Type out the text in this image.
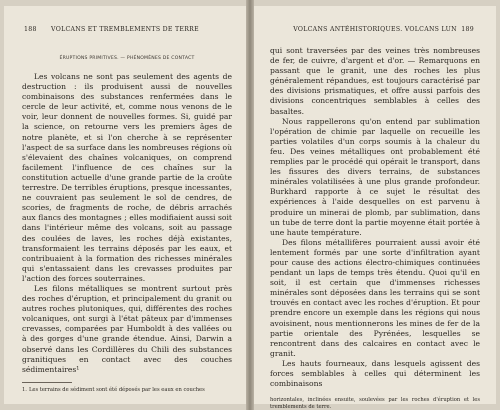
188	VOLCANS ET TREMBLEMENTS DE TERRE
ÉRUPTIONS PRIMITIVES. — PHÉNOMÈNES DE CONTACT

Les volcans ne sont pas seulement des agents de destruction : ils produisent aussi de nouvelles combinaisons des substances renfermées dans le cercle de leur activité, et, comme nous venons de le voir, leur donnent de nouvelles formes. Si, guidé par la science, on retourne vers les premiers âges de notre planète, et si l'on cherche à se représenter l'aspect de sa surface dans les nombreuses régions où s'élevaient des chaînes volcaniques, on comprend facilement l'influence de ces chaînes sur la constitution actuelle d'une grande partie de la croûte terrestre. De terribles éruptions, presque incessantes, ne couvraient pas seulement le sol de cendres, de scories, de fragments de roche, de débris arrachés aux flancs des montagnes ; elles modifiaient aussi soit dans l'intérieur même des volcans, soit au passage des coulées de laves, les roches déjà existantes, transformaient les terrains déposés par les eaux, et contribuaient à la formation des richesses minérales qui s'entassaient dans les crevasses produites par l'action des forces souterraines.

Les filons métalliques se montrent surtout près des roches d'éruption, et principalement du granit ou autres roches plutoniques, qui, différentes des roches volcaniques, ont surgi à l'état pâteux par d'immenses crevasses, comparées par Humboldt à des vallées ou à des gorges d'une grande étendue. Ainsi, Darwin a observé dans les Cordillères du Chili des substances granitiques en contact avec des couches sédimentaires¹

1. Les terrains de sédiment sont été déposés par les eaux en couches
VOLCANS ANTÉHISTORIQUES. VOLCANS LUN 189

qui sont traversées par des veines très nombreuses de fer, de cuivre, d'argent et d'or. — Remarquons en passant que le granit, une des roches les plus généralement répandues, est toujours caractérisé par des divisions prismatiques, et offre aussi parfois des divisions concentriques semblables à celles des basaltes.

Nous rappellerons qu'on entend par sublimation l'opération de chimie par laquelle on recueille les parties volatiles d'un corps soumis à la chaleur du feu. Des veines métalliques ont probablement été remplies par le procédé qui opérait le transport, dans les fissures des divers terrains, de substances minérales volatilisées à une plus grande profondeur. Burkhard rapporte à ce sujet le résultat des expériences à l'aide desquelles on est parvenu à produire un minerai de plomb, par sublimation, dans un tube de terre dont la partie moyenne était portée à une haute température.

Des filons métallifères pourraient aussi avoir été lentement formés par une sorte d'infiltration ayant pour cause des actions électro-chimiques continuées pendant un laps de temps très étendu. Quoi qu'il en soit, il est certain que d'immenses richesses minérales sont déposées dans les terrains qui se sont trouvés en contact avec les roches d'éruption. Et pour prendre encore un exemple dans les régions qui nous avoisinent, nous mentionnerons les mines de fer de la partie orientale des Pyrénées, lesquelles se rencontrent dans des calcaires en contact avec le granit.

Les hauts fourneaux, dans lesquels agissent des forces semblables à celles qui déterminent les combinaisons

horizontales, inclinées ensuite, soulevées par les roches d'éruption et les tremblements de terre.
